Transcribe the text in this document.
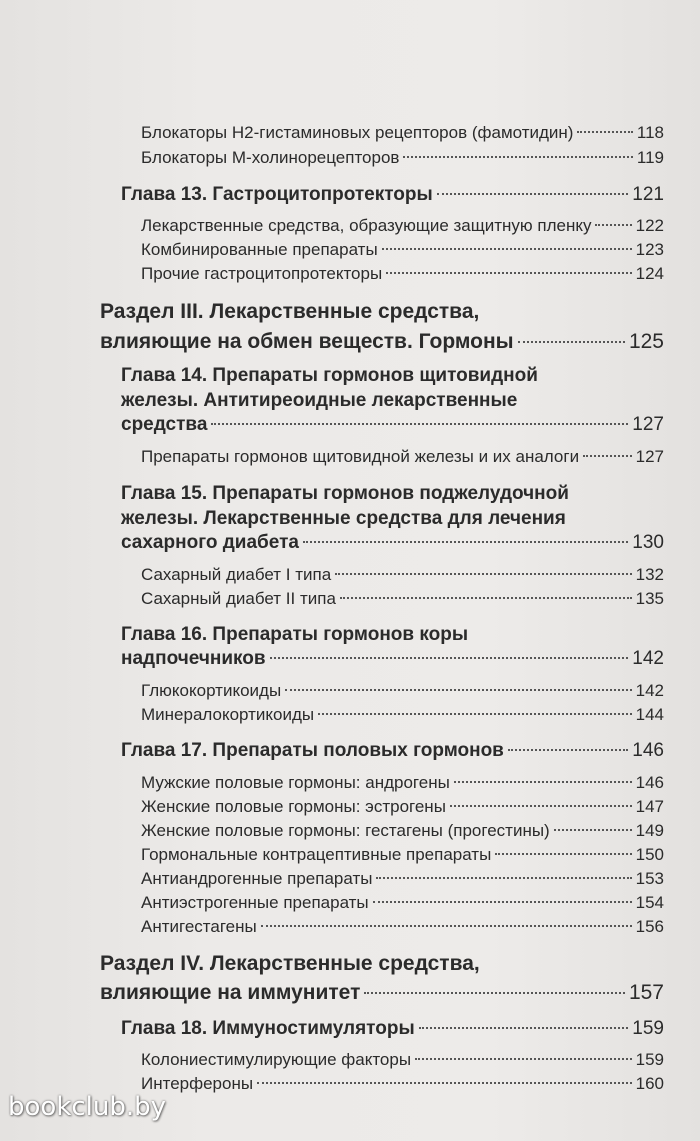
Блокаторы Н2-гистаминовых рецепторов (фамотидин)	118
Блокаторы М-холинорецепторов	119
Глава 13. Гастроцитопротекторы	121
Лекарственные средства, образующие защитную пленку	122
Комбинированные препараты	123
Прочие гастроцитопротекторы	124
Раздел III. Лекарственные средства,
влияющие на обмен веществ. Гормоны	125
Глава 14. Препараты гормонов щитовидной
железы. Антитиреоидные лекарственные
средства	127
Препараты гормонов щитовидной железы и их аналоги	127
Глава 15. Препараты гормонов поджелудочной
железы. Лекарственные средства для лечения
сахарного диабета	130
Сахарный диабет I типа	132
Сахарный диабет II типа	135
Глава 16. Препараты гормонов коры
надпочечников	142
Глюкокортикоиды	142
Минералокортикоиды	144
Глава 17. Препараты половых гормонов	146
Мужские половые гормоны: андрогены	146
Женские половые гормоны: эстрогены	147
Женские половые гормоны: гестагены (прогестины)	149
Гормональные контрацептивные препараты	150
Антиандрогенные препараты	153
Антиэстрогенные препараты	154
Антигестагены	156
Раздел IV. Лекарственные средства,
влияющие на иммунитет	157
Глава 18. Иммуностимуляторы	159
Колониестимулирующие факторы	159
Интерфероны	160
bookclub.by
